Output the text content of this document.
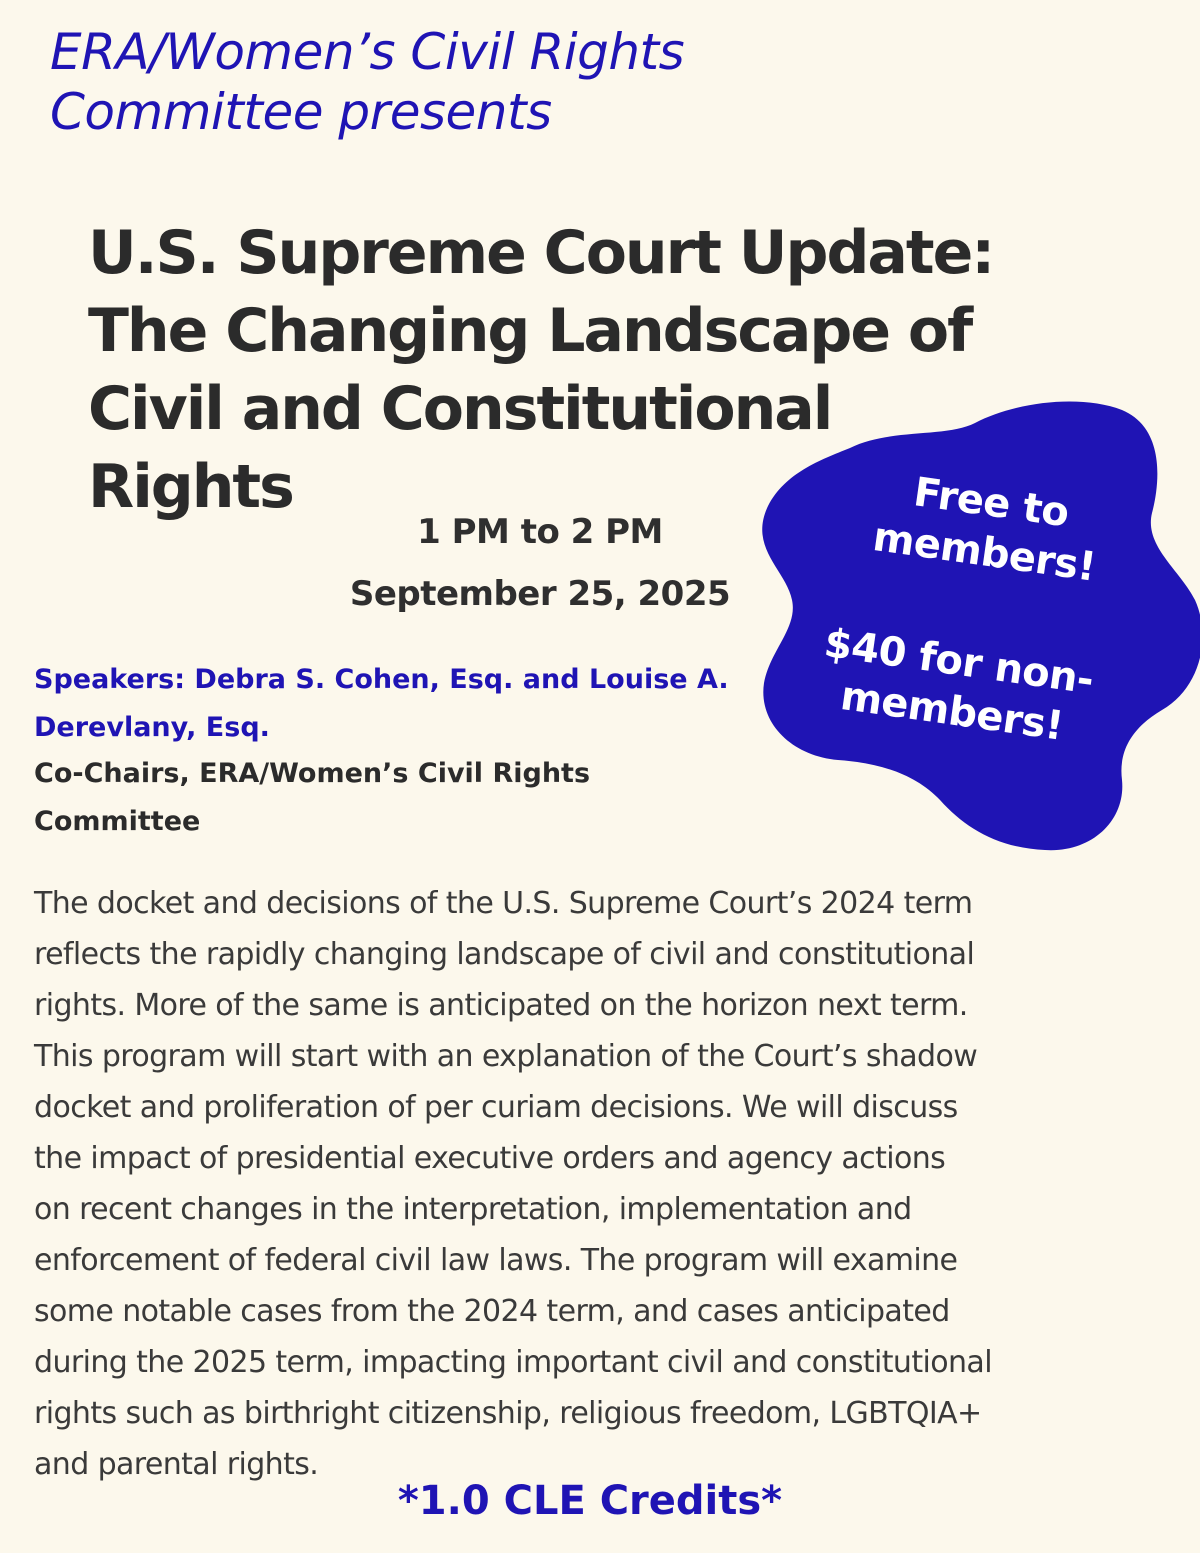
ERA/Women’s Civil Rights
Committee presents
U.S. Supreme Court Update:
The Changing Landscape of
Civil and Constitutional
Rights

1 PM to 2 PM

September 25, 2025

Speakers: Debra S. Cohen, Esq. and Louise A. Derevlany, Esq.

Co-Chairs, ERA/Women’s Civil Rights Committee

Free to members!

$40 for non-members!

The docket and decisions of the U.S. Supreme Court’s 2024 term
reflects the rapidly changing landscape of civil and constitutional
rights. More of the same is anticipated on the horizon next term.
This program will start with an explanation of the Court’s shadow
docket and proliferation of per curiam decisions. We will discuss
the impact of presidential executive orders and agency actions
on recent changes in the interpretation, implementation and
enforcement of federal civil law laws. The program will examine
some notable cases from the 2024 term, and cases anticipated
during the 2025 term, impacting important civil and constitutional
rights such as birthright citizenship, religious freedom, LGBTQIA+
and parental rights.

*1.0 CLE Credits*
